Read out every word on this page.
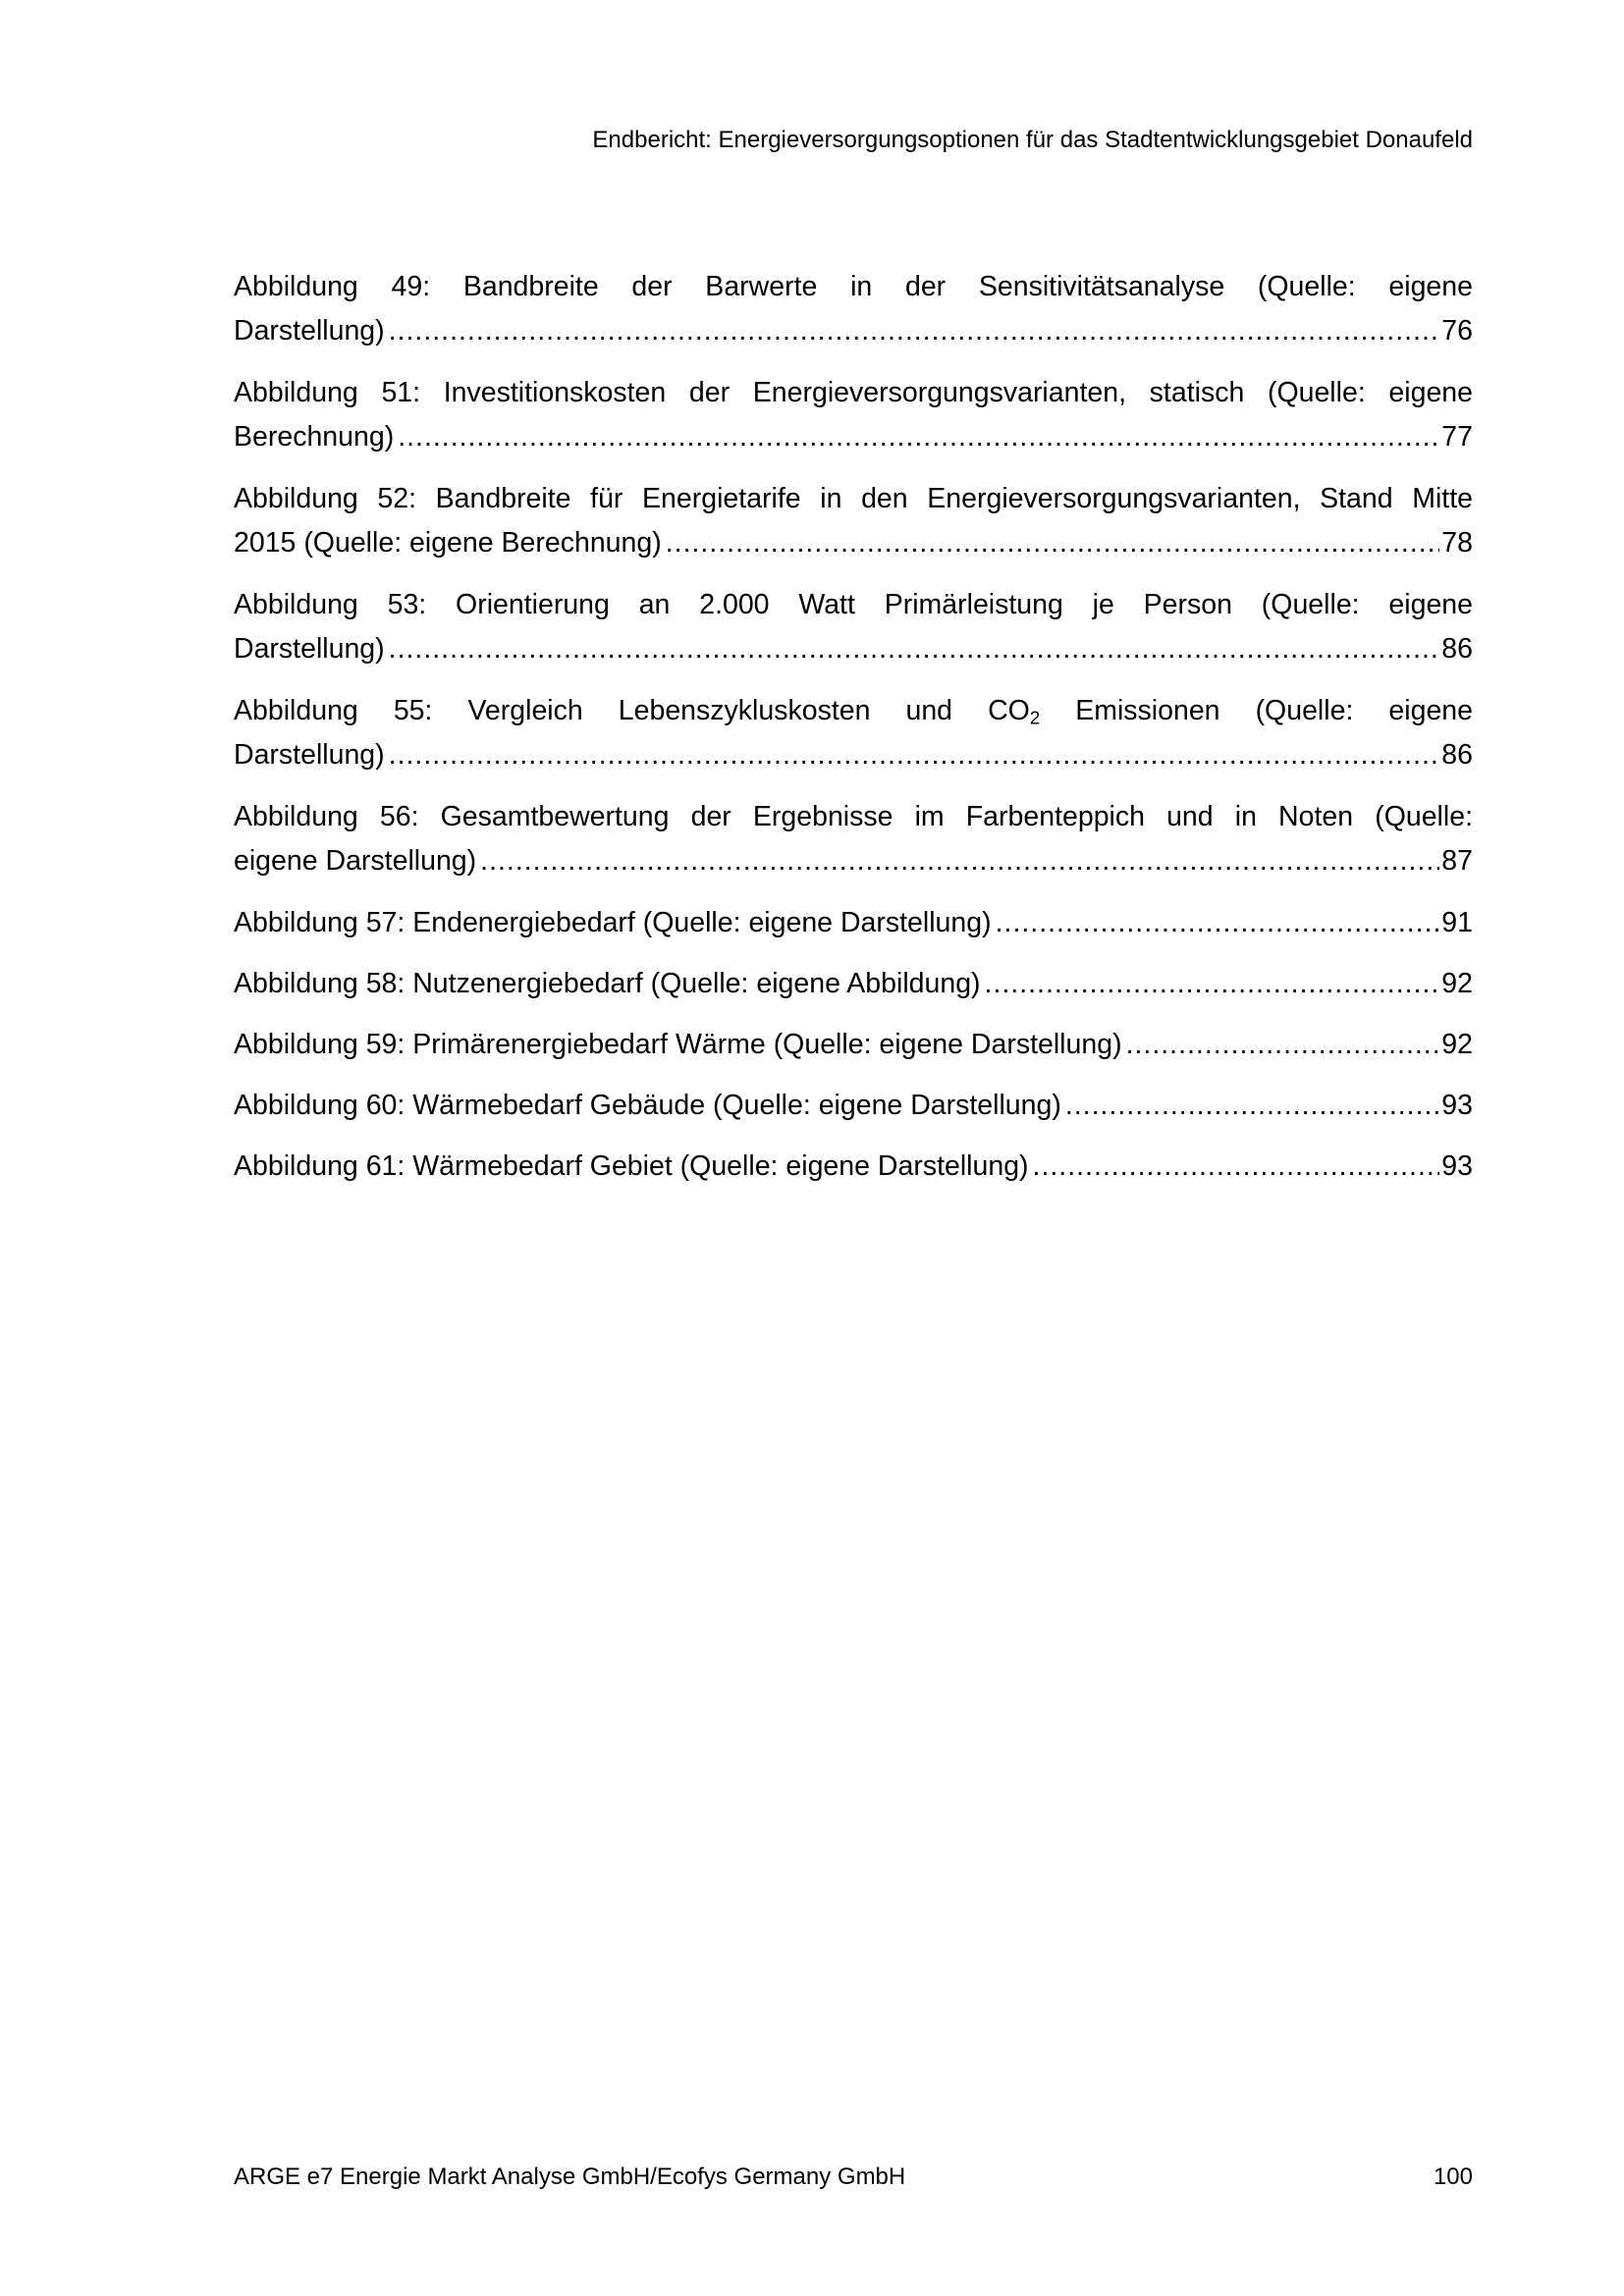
Endbericht: Energieversorgungsoptionen für das Stadtentwicklungsgebiet Donaufeld
Abbildung 49: Bandbreite der Barwerte in der Sensitivitätsanalyse (Quelle: eigene
Darstellung) .....	76
Abbildung 51: Investitionskosten der Energieversorgungsvarianten, statisch (Quelle: eigene
Berechnung) .....	77
Abbildung 52: Bandbreite für Energietarife in den Energieversorgungsvarianten, Stand Mitte
2015 (Quelle: eigene Berechnung) .....	78
Abbildung 53: Orientierung an 2.000 Watt Primärleistung je Person (Quelle: eigene
Darstellung) .....	86
Abbildung 55: Vergleich Lebenszykluskosten und $CO_2$ Emissionen (Quelle: eigene
Darstellung) .....	86
Abbildung 56: Gesamtbewertung der Ergebnisse im Farbenteppich und in Noten (Quelle:
eigene Darstellung) .....	87
Abbildung 57: Endenergiebedarf (Quelle: eigene Darstellung) .....	91
Abbildung 58: Nutzenergiebedarf (Quelle: eigene Abbildung) .....	92
Abbildung 59: Primärenergiebedarf Wärme (Quelle: eigene Darstellung) .....	92
Abbildung 60: Wärmebedarf Gebäude (Quelle: eigene Darstellung) .....	93
Abbildung 61: Wärmebedarf Gebiet (Quelle: eigene Darstellung) .....	93
ARGE e7 Energie Markt Analyse GmbH/Ecofys Germany GmbH	100
